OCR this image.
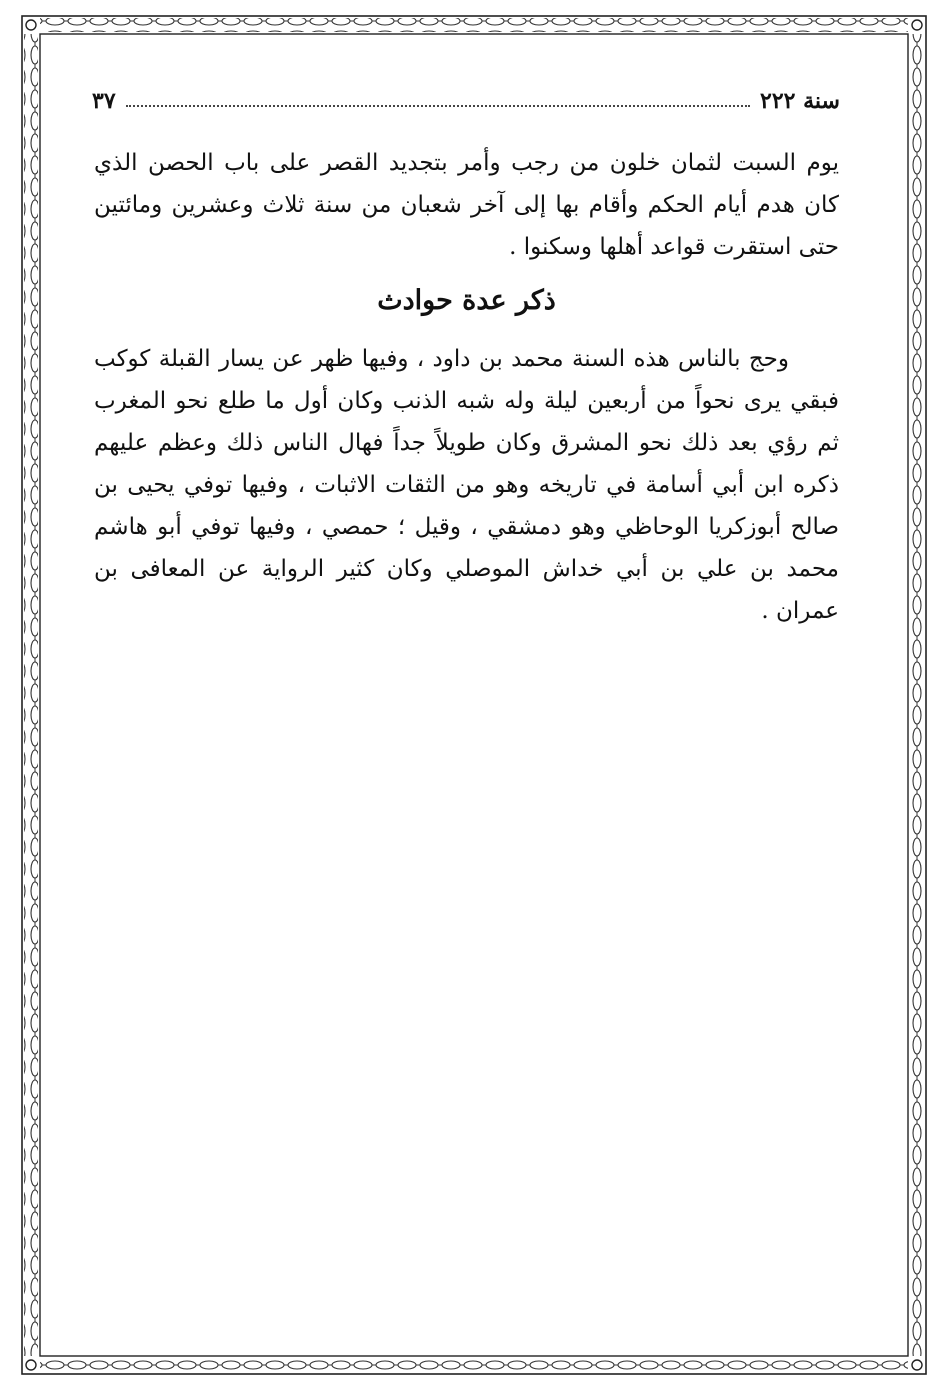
سنة ٢٢٢
٣٧
يوم السبت لثمان خلون من رجب وأمر بتجديد القصر على باب الحصن الذي كان هدم أيام الحكم وأقام بها إلى آخر شعبان من سنة ثلاث وعشرين ومائتين حتى استقرت قواعد أهلها وسكنوا .
ذكر عدة حوادث
وحج بالناس هذه السنة محمد بن داود ، وفيها ظهر عن يسار القبلة كوكب فبقي يرى نحواً من أربعين ليلة وله شبه الذنب وكان أول ما طلع نحو المغرب ثم رؤي بعد ذلك نحو المشرق وكان طويلاً جداً فهال الناس ذلك وعظم عليهم ذكره ابن أبي أسامة في تاريخه وهو من الثقات الاثبات ، وفيها توفي يحيى بن صالح أبوزكريا الوحاظي وهو دمشقي ، وقيل ؛ حمصي ، وفيها توفي أبو هاشم محمد بن علي بن أبي خداش الموصلي وكان كثير الرواية عن المعافى بن عمران .
